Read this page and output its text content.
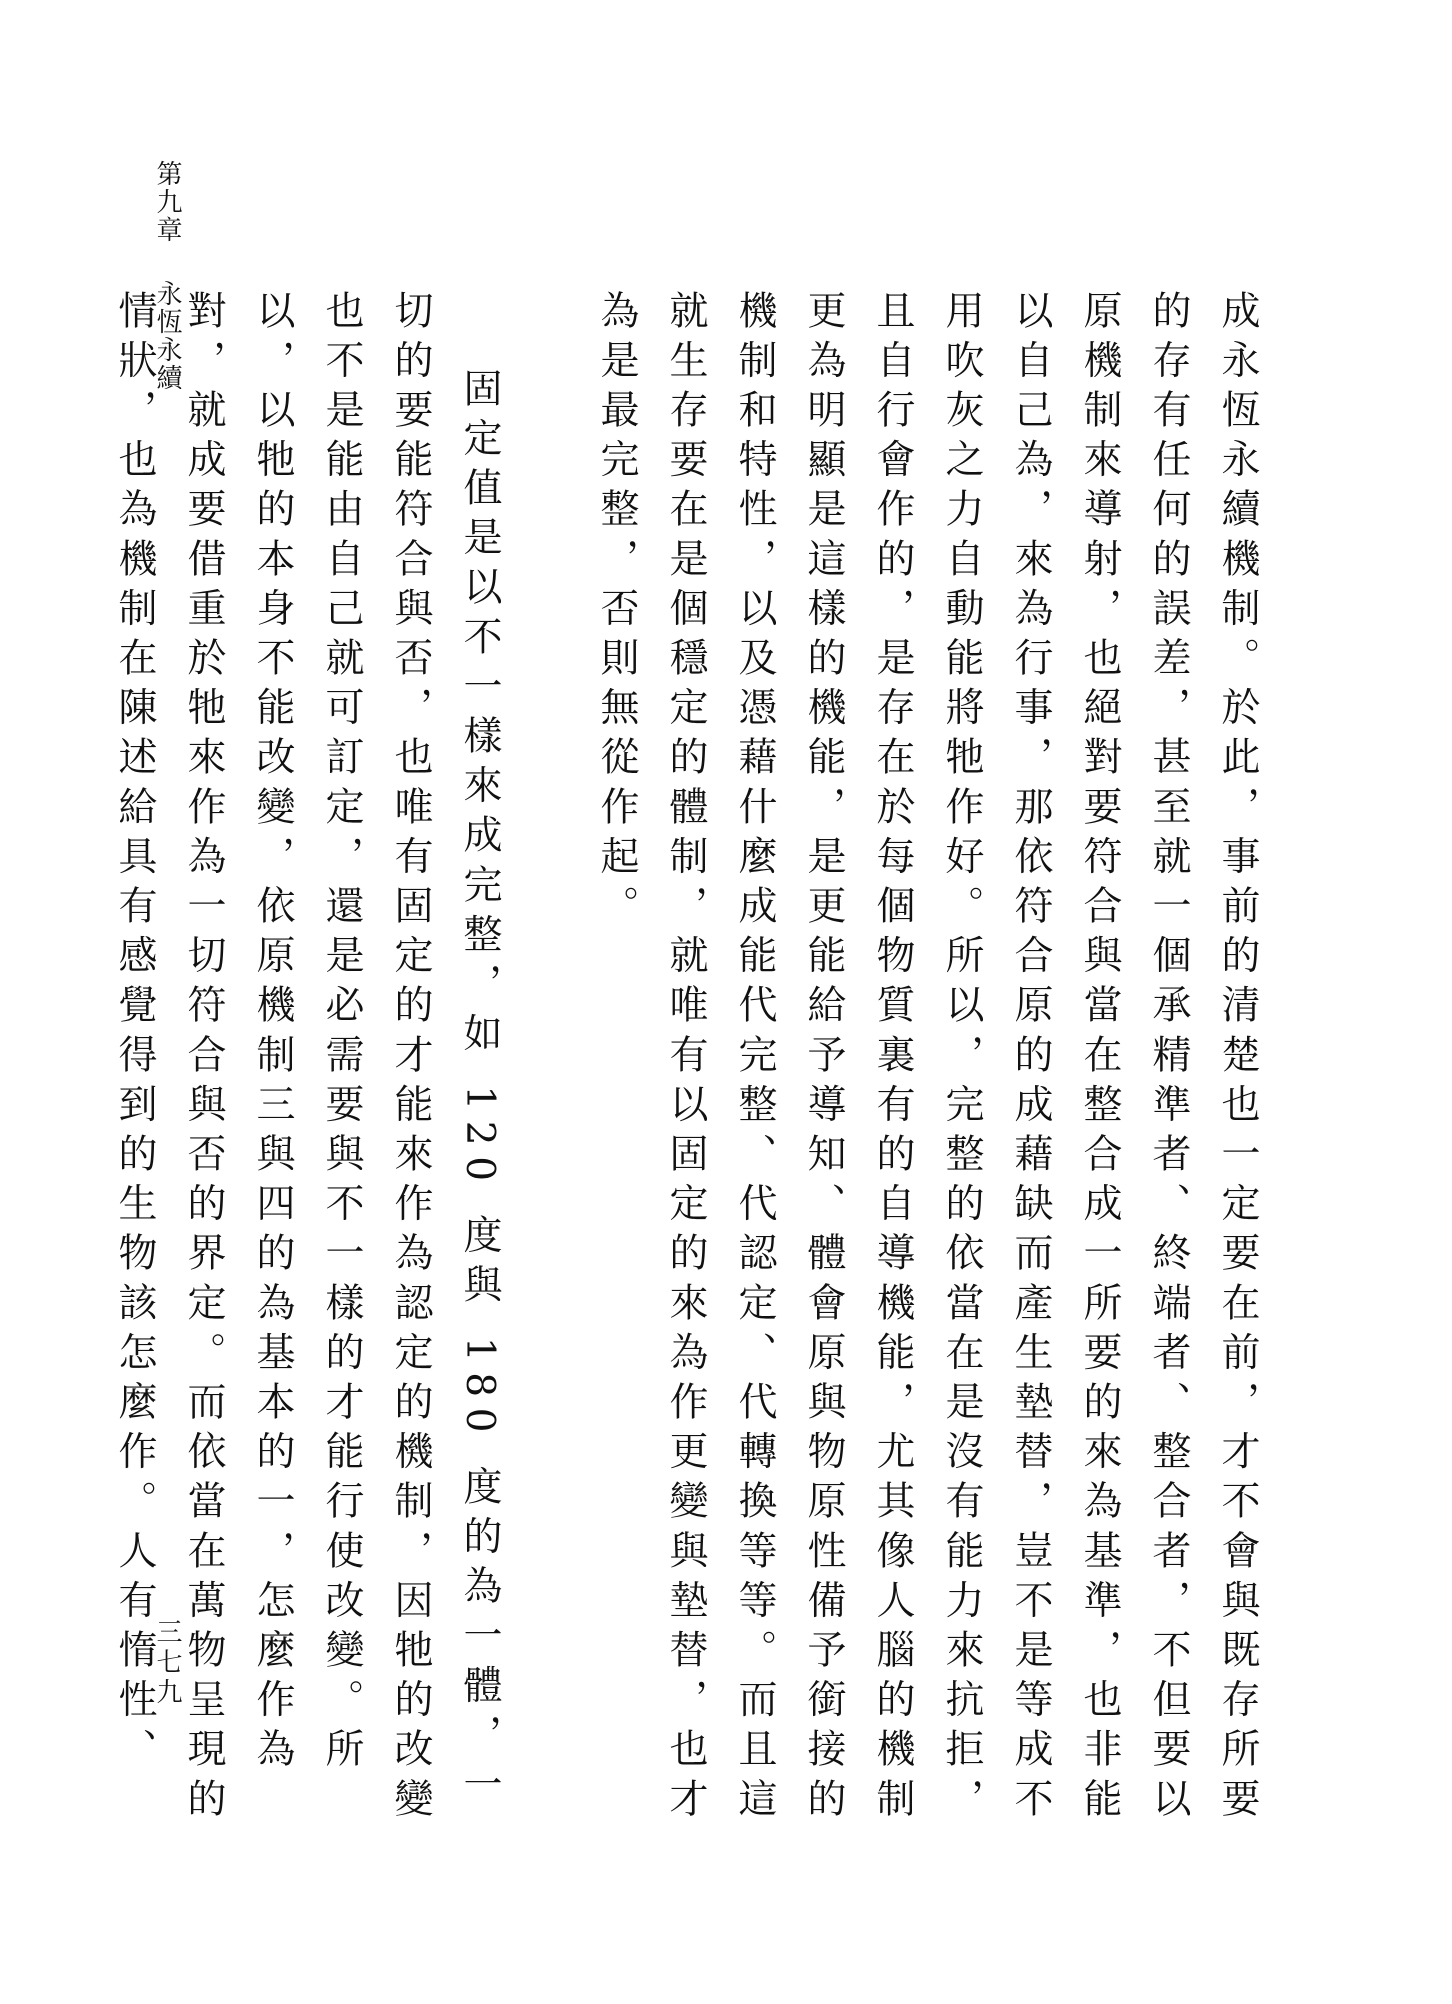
第九章永恆永續
三七九	成永恆永續機制。於此，事前的清楚也一定要在前，才不會與既存所要的存有任何的誤差，甚至就一個承精準者、終端者、整合者，不但要以原機制來導射，也絕對要符合與當在整合成一所要的來為基準，也非能以自己為，來為行事，那依符合原的成藉缺而產生墊替，豈不是等成不用吹灰之力自動能將牠作好。所以，完整的依當在是沒有能力來抗拒，且自行會作的，是存在於每個物質裏有的自導機能，尤其像人腦的機制更為明顯是這樣的機能，是更能給予導知、體會原與物原性備予銜接的機制和特性，以及憑藉什麼成能代完整、代認定、代轉換等等。而且這就生存要在是個穩定的體制，就唯有以固定的來為作更變與墊替，也才為是最完整，否則無從作起。

固定值是以不一樣來成完整，如 120 度與 180 度的為一體，一切的要能符合與否，也唯有固定的才能來作為認定的機制，因牠的改變也不是能由自己就可訂定，還是必需要與不一樣的才能行使改變。所以，以牠的本身不能改變，依原機制三與四的為基本的一，怎麼作為對，就成要借重於牠來作為一切符合與否的界定。而依當在萬物呈現的情狀，也為機制在陳述給具有感覺得到的生物該怎麼作。人有惰性、
